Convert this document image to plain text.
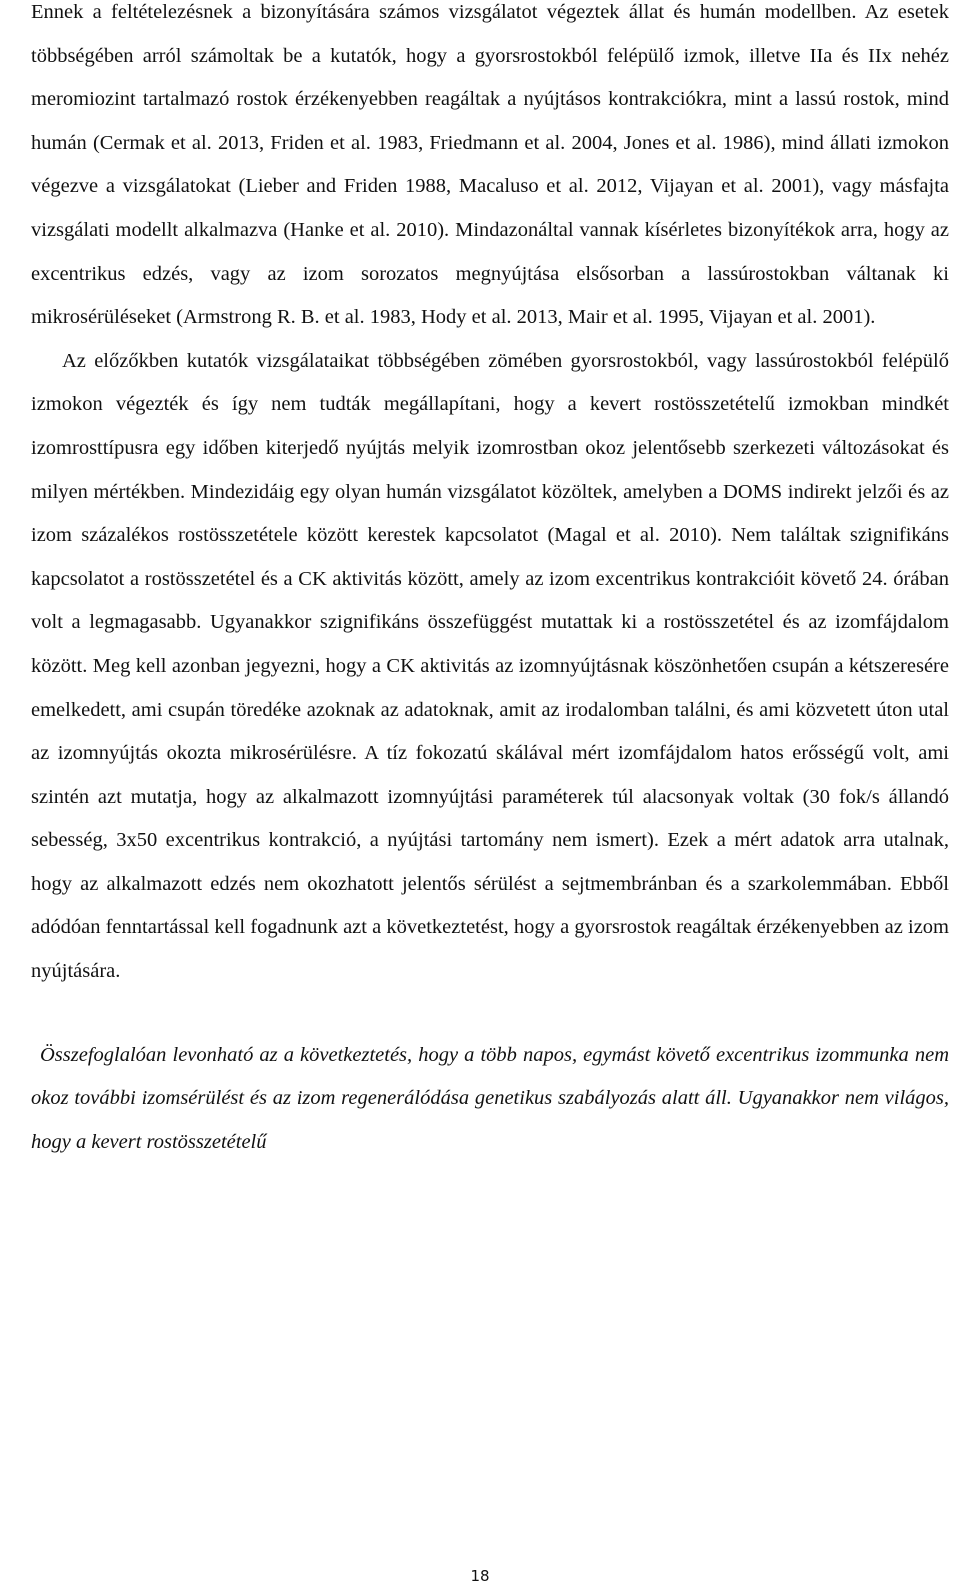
Ennek a feltételezésnek a bizonyítására számos vizsgálatot végeztek állat és humán modellben. Az esetek többségében arról számoltak be a kutatók, hogy a gyorsrostokból felépülő izmok, illetve IIa és IIx nehéz meromiozint tartalmazó rostok érzékenyebben reagáltak a nyújtásos kontrakciókra, mint a lassú rostok, mind humán (Cermak et al. 2013, Friden et al. 1983, Friedmann et al. 2004, Jones et al. 1986), mind állati izmokon végezve a vizsgálatokat (Lieber and Friden 1988, Macaluso et al. 2012, Vijayan et al. 2001), vagy másfajta vizsgálati modellt alkalmazva (Hanke et al. 2010). Mindazonáltal vannak kísérletes bizonyítékok arra, hogy az excentrikus edzés, vagy az izom sorozatos megnyújtása elsősorban a lassúrostokban váltanak ki mikrosérüléseket (Armstrong R. B. et al. 1983, Hody et al. 2013, Mair et al. 1995, Vijayan et al. 2001).

Az előzőkben kutatók vizsgálataikat többségében zömében gyorsrostokból, vagy lassúrostokból felépülő izmokon végezték és így nem tudták megállapítani, hogy a kevert rostösszetételű izmokban mindkét izomrosttípusra egy időben kiterjedő nyújtás melyik izomrostban okoz jelentősebb szerkezeti változásokat és milyen mértékben. Mindezidáig egy olyan humán vizsgálatot közöltek, amelyben a DOMS indirekt jelzői és az izom százalékos rostösszetétele között kerestek kapcsolatot (Magal et al. 2010). Nem találtak szignifikáns kapcsolatot a rostösszetétel és a CK aktivitás között, amely az izom excentrikus kontrakcióit követő 24. órában volt a legmagasabb. Ugyanakkor szignifikáns összefüggést mutattak ki a rostösszetétel és az izomfájdalom között. Meg kell azonban jegyezni, hogy a CK aktivitás az izomnyújtásnak köszönhetően csupán a kétszeresére emelkedett, ami csupán töredéke azoknak az adatoknak, amit az irodalomban találni, és ami közvetett úton utal az izomnyújtás okozta mikrosérülésre. A tíz fokozatú skálával mért izomfájdalom hatos erősségű volt, ami szintén azt mutatja, hogy az alkalmazott izomnyújtási paraméterek túl alacsonyak voltak (30 fok/s állandó sebesség, 3x50 excentrikus kontrakció, a nyújtási tartomány nem ismert). Ezek a mért adatok arra utalnak, hogy az alkalmazott edzés nem okozhatott jelentős sérülést a sejtmembránban és a szarkolemmában. Ebből adódóan fenntartással kell fogadnunk azt a következtetést, hogy a gyorsrostok reagáltak érzékenyebben az izom nyújtására.

Összefoglalóan levonható az a következtetés, hogy a több napos, egymást követő excentrikus izommunka nem okoz további izomsérülést és az izom regenerálódása genetikus szabályozás alatt áll. Ugyanakkor nem világos, hogy a kevert rostösszetételű

18
